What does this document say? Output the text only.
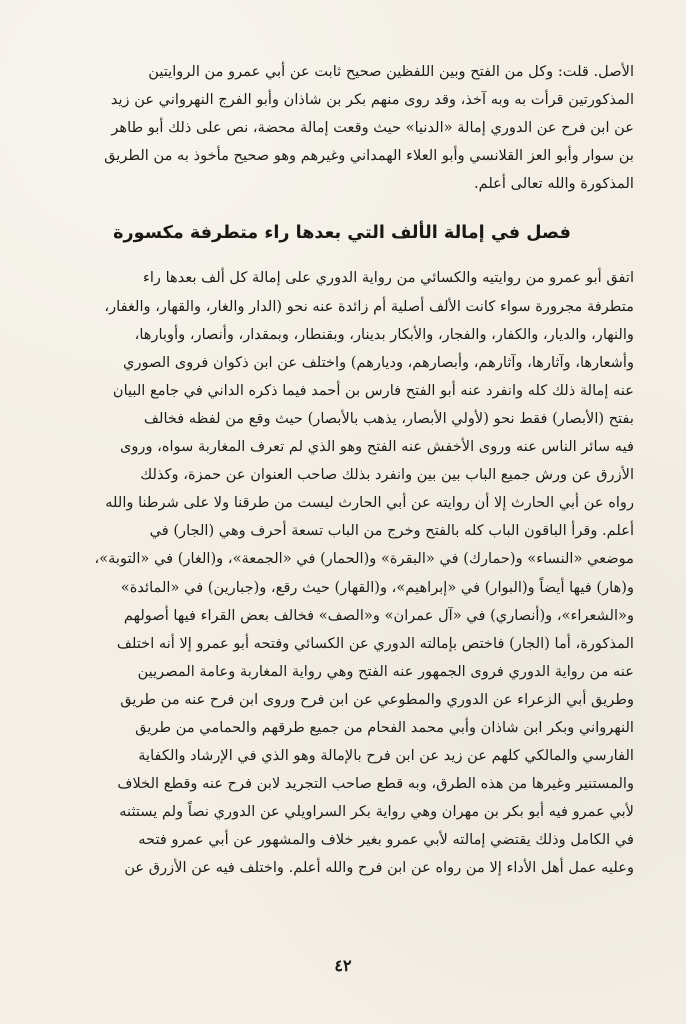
الأصل. قلت: وكل من الفتح وبين اللفظين صحيح ثابت عن أبي عمرو من الروايتين
المذكورتين قرأت به وبه آخذ، وقد روى منهم بكر بن شاذان وأبو الفرج النهرواني عن زيد
عن ابن فرح عن الدوري إمالة «الدنيا» حيث وقعت إمالة محضة، نص على ذلك أبو طاهر
بن سوار وأبو العز القلانسي وأبو العلاء الهمداني وغيرهم وهو صحيح مأخوذ به من الطريق
المذكورة والله تعالى أعلم.
فصل في إمالة الألف التي بعدها راء متطرفة مكسورة
اتفق أبو عمرو من روايتيه والكسائي من رواية الدوري على إمالة كل ألف بعدها راء
متطرفة مجرورة سواء كانت الألف أصلية أم زائدة عنه نحو (الدار والغار، والقهار، والغفار،
والنهار، والديار، والكفار، والفجار، والأبكار بدينار، وبقنطار، وبمقدار، وأنصار، وأوبارها،
وأشعارها، وآثارها، وآثارهم، وأبصارهم، وديارهم) واختلف عن ابن ذكوان فروى الصوري
عنه إمالة ذلك كله وانفرد عنه أبو الفتح فارس بن أحمد فيما ذكره الداني في جامع البيان
بفتح (الأبصار) فقط نحو (لأولي الأبصار، يذهب بالأبصار) حيث وقع من لفظه فخالف
فيه سائر الناس عنه وروى الأخفش عنه الفتح وهو الذي لم تعرف المغاربة سواه، وروى
الأزرق عن ورش جميع الباب بين بين وانفرد بذلك صاحب العنوان عن حمزة، وكذلك
رواه عن أبي الحارث إلا أن روايته عن أبي الحارث ليست من طرقنا ولا على شرطنا والله
أعلم. وقرأ الباقون الباب كله بالفتح وخرج من الباب تسعة أحرف وهي (الجار) في
موضعي «النساء» و(حمارك) في «البقرة» و(الحمار) في «الجمعة»، و(الغار) في «التوبة»،
و(هار) فيها أيضاً و(البوار) في «إبراهيم»، و(القهار) حيث رقع، و(جبارين) في «المائدة»
و«الشعراء»، و(أنصاري) في «آل عمران» و«الصف» فخالف بعض القراء فيها أصولهم
المذكورة، أما (الجار) فاختص بإمالته الدوري عن الكسائي وفتحه أبو عمرو إلا أنه اختلف
عنه من رواية الدوري فروى الجمهور عنه الفتح وهي رواية المغاربة وعامة المصريين
وطريق أبي الزعراء عن الدوري والمطوعي عن ابن فرح وروى ابن فرح عنه من طريق
النهرواني وبكر ابن شاذان وأبي محمد الفحام من جميع طرقهم والحمامي من طريق
الفارسي والمالكي كلهم عن زيد عن ابن فرح بالإمالة وهو الذي في الإرشاد والكفاية
والمستنير وغيرها من هذه الطرق، وبه قطع صاحب التجريد لابن فرح عنه وقطع الخلاف
لأبي عمرو فيه أبو بكر بن مهران وهي رواية بكر السراويلي عن الدوري نصاً ولم يستثنه
في الكامل وذلك يقتضي إمالته لأبي عمرو بغير خلاف والمشهور عن أبي عمرو فتحه
وعليه عمل أهل الأداء إلا من رواه عن ابن فرح والله أعلم. واختلف فيه عن الأزرق عن
٤٢
